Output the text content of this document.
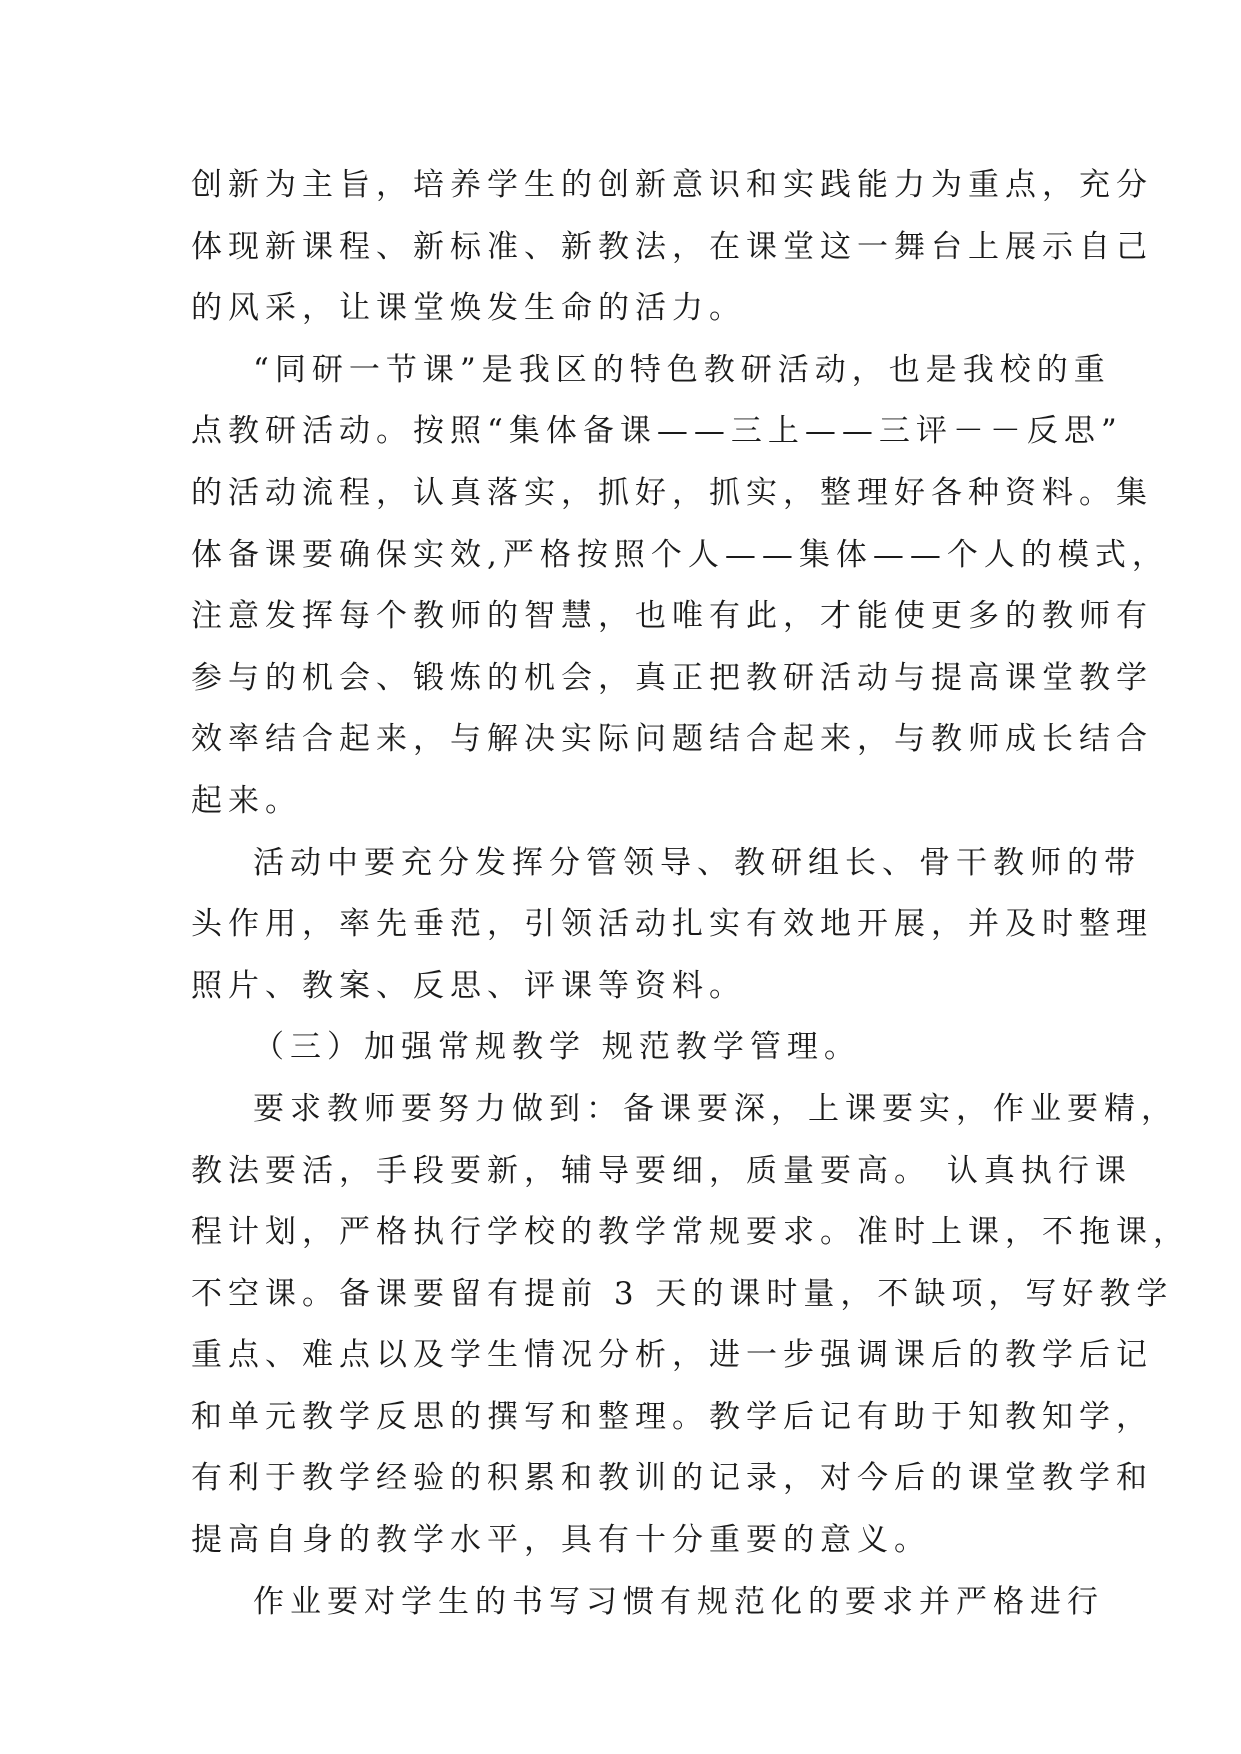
创新为主旨，培养学生的创新意识和实践能力为重点，充分
体现新课程、新标准、新教法，在课堂这一舞台上展示自己
的风采，让课堂焕发生命的活力。
“同研一节课”是我区的特色教研活动，也是我校的重
点教研活动。按照“集体备课——三上——三评－－反思”
的活动流程，认真落实，抓好，抓实，整理好各种资料。集
体备课要确保实效,严格按照个人——集体——个人的模式，
注意发挥每个教师的智慧，也唯有此，才能使更多的教师有
参与的机会、锻炼的机会，真正把教研活动与提高课堂教学
效率结合起来，与解决实际问题结合起来，与教师成长结合
起来。
活动中要充分发挥分管领导、教研组长、骨干教师的带
头作用，率先垂范，引领活动扎实有效地开展，并及时整理
照片、教案、反思、评课等资料。
（三）加强常规教学 规范教学管理。
要求教师要努力做到：备课要深，上课要实，作业要精，
教法要活，手段要新，辅导要细，质量要高。 认真执行课
程计划，严格执行学校的教学常规要求。准时上课，不拖课，
不空课。备课要留有提前 3 天的课时量，不缺项，写好教学
重点、难点以及学生情况分析，进一步强调课后的教学后记
和单元教学反思的撰写和整理。教学后记有助于知教知学，
有利于教学经验的积累和教训的记录，对今后的课堂教学和
提高自身的教学水平，具有十分重要的意义。
作业要对学生的书写习惯有规范化的要求并严格进行
